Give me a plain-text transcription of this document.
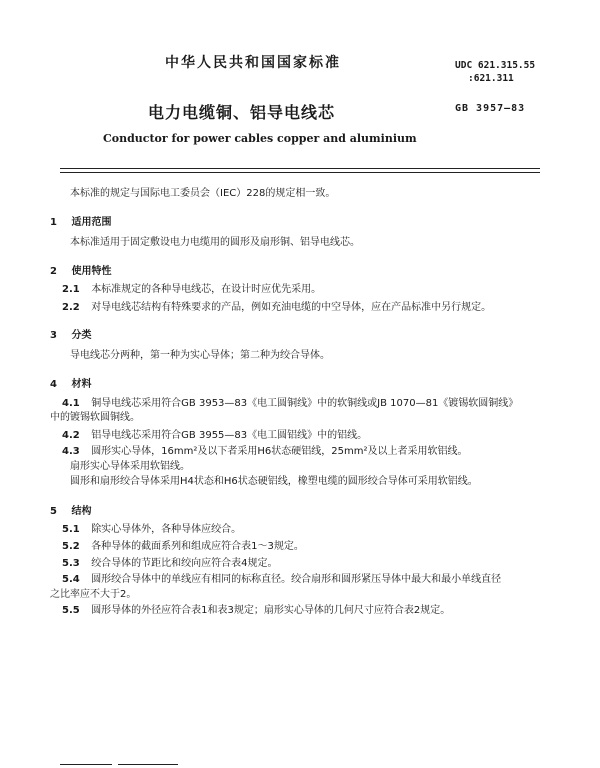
中华人民共和国国家标准	UDC 621.315.55
:621.311
电力电缆铜、铝导电线芯	GB 3957—83
Conductor for power cables copper and aluminium
本标准的规定与国际电工委员会（IEC）228的规定相一致。
1 适用范围
本标准适用于固定敷设电力电缆用的圆形及扇形铜、铝导电线芯。
2 使用特性
2.1 本标准规定的各种导电线芯，在设计时应优先采用。
2.2 对导电线芯结构有特殊要求的产品，例如充油电缆的中空导体，应在产品标准中另行规定。
3 分类
导电线芯分两种，第一种为实心导体；第二种为绞合导体。
4 材料
4.1 铜导电线芯采用符合GB 3953—83《电工圆铜线》中的软铜线或JB 1070—81《镀锡软圆铜线》
中的镀锡软圆铜线。
4.2 铝导电线芯采用符合GB 3955—83《电工圆铝线》中的铝线。
4.3 圆形实心导体，16mm²及以下者采用H6状态硬铝线，25mm²及以上者采用软铝线。
扇形实心导体采用软铝线。
圆形和扇形绞合导体采用H4状态和H6状态硬铝线，橡塑电缆的圆形绞合导体可采用软铝线。
5 结构
5.1 除实心导体外，各种导体应绞合。
5.2 各种导体的截面系列和组成应符合表1～3规定。
5.3 绞合导体的节距比和绞向应符合表4规定。
5.4 圆形绞合导体中的单线应有相同的标称直径。绞合扇形和圆形紧压导体中最大和最小单线直径
之比率应不大于2。
5.5 圆形导体的外径应符合表1和表3规定；扇形实心导体的几何尺寸应符合表2规定。
